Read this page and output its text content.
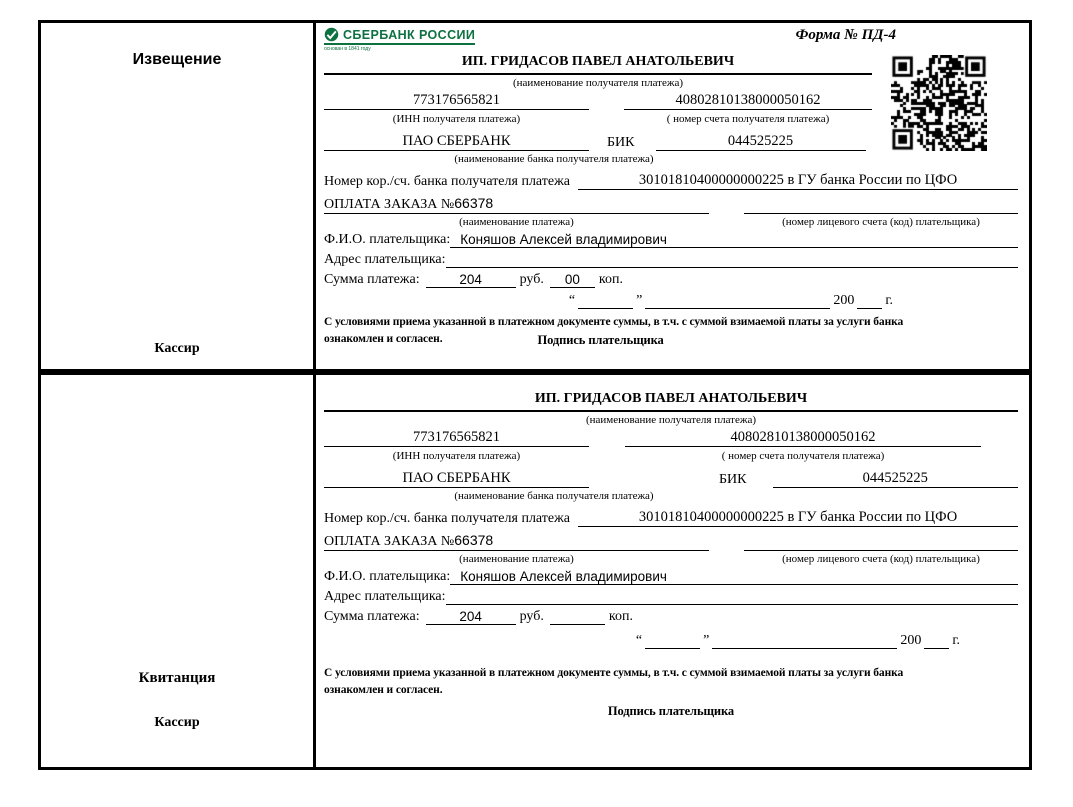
Извещение
Кассир
СБЕРБАНК РОССИИ
основан в 1841 году
Форма № ПД-4
ИП. ГРИДАСОВ ПАВЕЛ АНАТОЛЬЕВИЧ
(наименование получателя платежа)
773176565821	40802810138000050162
(ИНН получателя платежа)	( номер счета получателя платежа)
ПАО СБЕРБАНК	БИК	044525225
(наименование банка получателя платежа)
Номер кор./сч. банка получателя платежа	30101810400000000225 в ГУ банка России по ЦФО
ОПЛАТА ЗАКАЗА №66378
(наименование платежа)	(номер лицевого счета (код) плательщика)
Ф.И.О. плательщика: Коняшов Алексей владимирович
Адрес плательщика:
Сумма платежа:	204	руб.	00	коп.
“	”	200 г.
С условиями приема указанной в платежном документе суммы, в т.ч. с суммой взимаемой платы за услуги банка
ознакомлен и согласен.	Подпись плательщика
Квитанция
Кассир
ИП. ГРИДАСОВ ПАВЕЛ АНАТОЛЬЕВИЧ
(наименование получателя платежа)
773176565821	40802810138000050162
(ИНН получателя платежа)	( номер счета получателя платежа)
ПАО СБЕРБАНК	БИК	044525225
(наименование банка получателя платежа)
Номер кор./сч. банка получателя платежа	30101810400000000225 в ГУ банка России по ЦФО
ОПЛАТА ЗАКАЗА №66378
(наименование платежа)	(номер лицевого счета (код) плательщика)
Ф.И.О. плательщика: Коняшов Алексей владимирович
Адрес плательщика:
Сумма платежа:	204	руб.	коп.
“	”	200 г.
С условиями приема указанной в платежном документе суммы, в т.ч. с суммой взимаемой платы за услуги банка
ознакомлен и согласен.
Подпись плательщика
